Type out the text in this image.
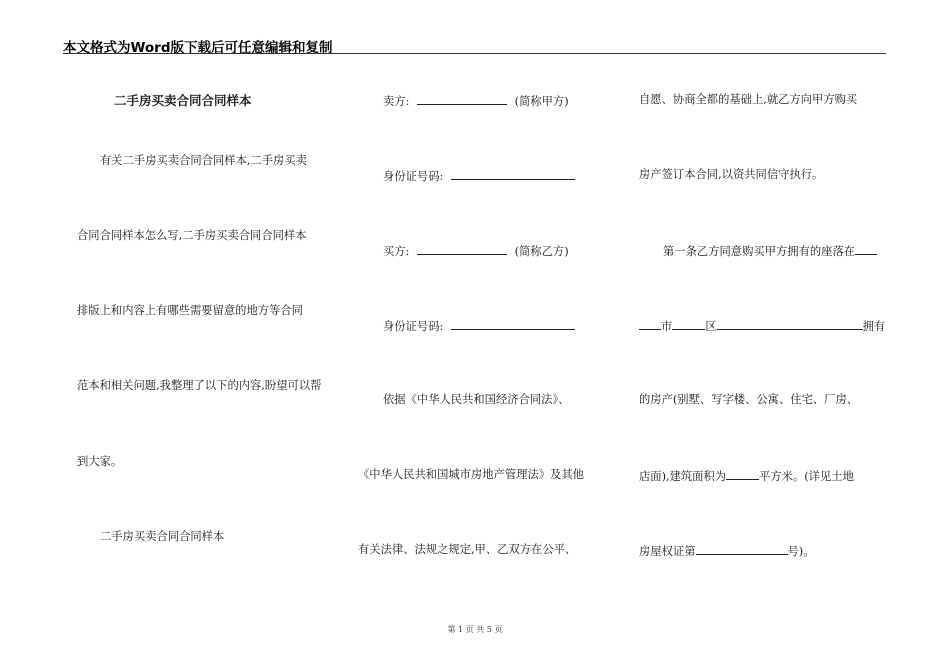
本文格式为Word版下载后可任意编辑和复制
二手房买卖合同合同样本
有关二手房买卖合同合同样本,二手房买卖
合同合同样本怎么写,二手房买卖合同合同样本
排版上和内容上有哪些需要留意的地方等合同
范本和相关问题,我整理了以下的内容,盼望可以帮
到大家。
二手房买卖合同合同样本
卖方:	(简称甲方)
身份证号码:
买方:	(简称乙方)
身份证号码:
依据《中华人民共和国经济合同法》、
《中华人民共和国城市房地产管理法》及其他
有关法律、法规之规定,甲、乙双方在公平、
自愿、协商全都的基础上,就乙方向甲方购买
房产签订本合同,以资共同信守执行。
第一条乙方同意购买甲方拥有的座落在
市	区	拥有
的房产(别墅、写字楼、公寓、住宅、厂房、
店面),建筑面积为	平方米。(详见土地
房屋权证第	号)。
第 1 页 共 5 页
